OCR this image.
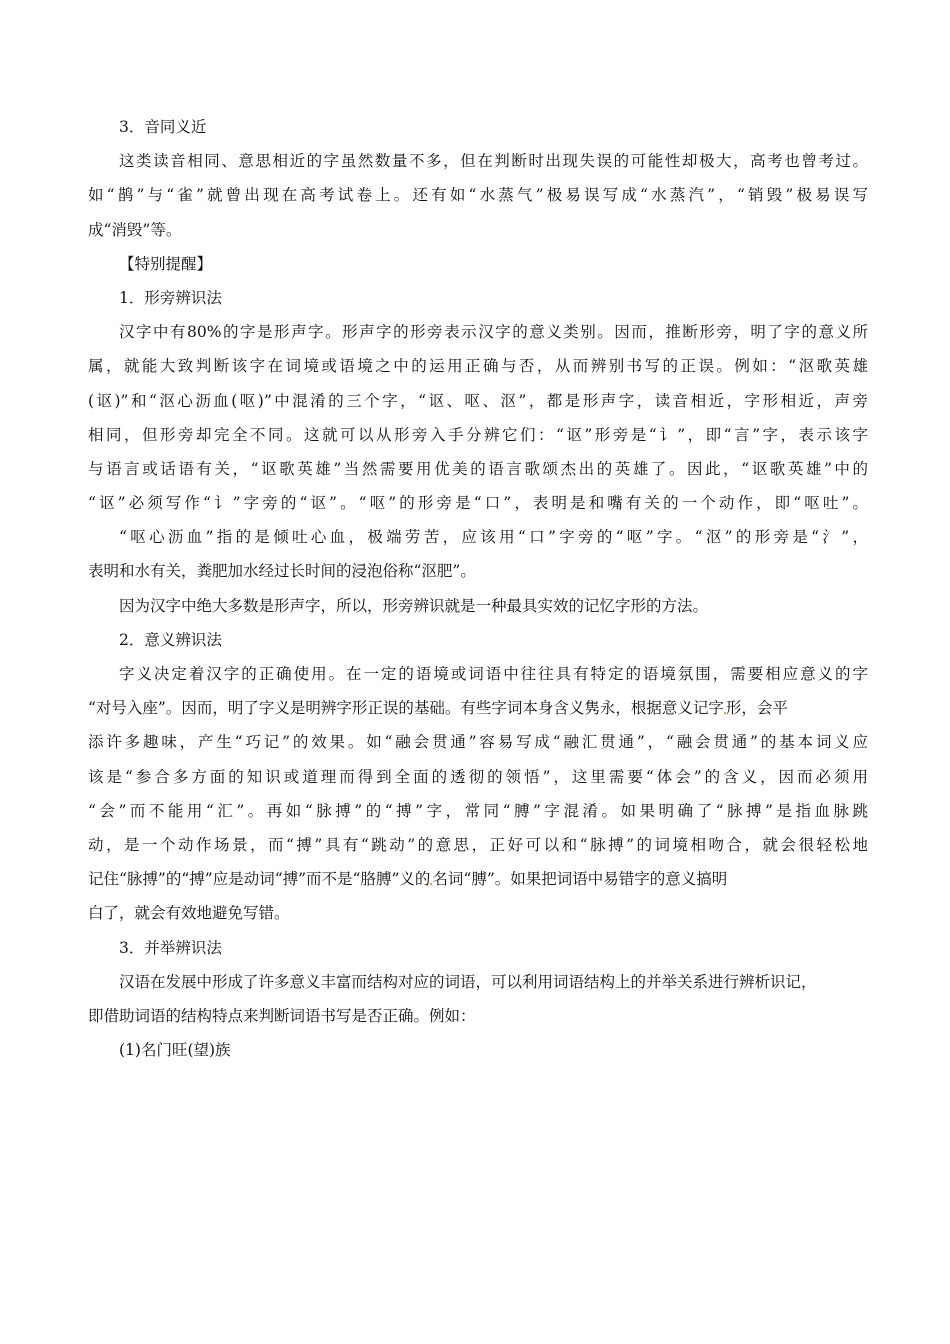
3．音同义近
这类读音相同、意思相近的字虽然数量不多，但在判断时出现失误的可能性却极大，高考也曾考过。
如“鹊”与“雀”就曾出现在高考试卷上。还有如“水蒸气”极易误写成“水蒸汽”，“销毁”极易误写
成“消毁”等。
【特别提醒】
1．形旁辨识法
汉字中有80%的字是形声字。形声字的形旁表示汉字的意义类别。因而，推断形旁，明了字的意义所
属，就能大致判断该字在词境或语境之中的运用正确与否，从而辨别书写的正误。例如：“沤歌英雄
(讴)”和“沤心沥血(呕)”中混淆的三个字，“讴、呕、沤”，都是形声字，读音相近，字形相近，声旁
相同，但形旁却完全不同。这就可以从形旁入手分辨它们：“讴”形旁是“讠”，即“言”字，表示该字
与语言或话语有关，“讴歌英雄”当然需要用优美的语言歌颂杰出的英雄了。因此，“讴歌英雄”中的
“讴”必须写作“讠”字旁的“讴”。“呕”的形旁是“口”，表明是和嘴有关的一个动作，即“呕吐”。
“呕心沥血”指的是倾吐心血，极端劳苦，应该用“口”字旁的“呕”字。“沤”的形旁是“氵”，
表明和水有关，粪肥加水经过长时间的浸泡俗称“沤肥”。
因为汉字中绝大多数是形声字，所以，形旁辨识就是一种最具实效的记忆字形的方法。
2．意义辨识法
字义决定着汉字的正确使用。在一定的语境或词语中往往具有特定的语境氛围，需要相应意义的字
“对号入座”。因而，明了字义是明辨字形正误的基础。有些字词本身含义隽永，根据意义记字 形，会平
添许多趣味，产生“巧记”的效果。如“融会贯通”容易写成“融汇贯通”，“融会贯通”的基本词义应
该是“参合多方面的知识或道理而得到全面的透彻的领悟”，这里需要“体会”的含义，因而必须用
“会”而不能用“汇”。再如“脉搏”的“搏”字，常同“膊”字混淆。如果明确了“脉搏”是指血脉跳
动，是一个动作场景，而“搏”具有“跳动”的意思，正好可以和“脉搏”的词境相吻合，就会很轻松地
记住“脉搏”的“搏”应是动词“搏”而不是“胳膊”义的 名词“膊”。如果把词语中易错字的意义搞明
白了，就会有效地避免写错。
3．并举辨识法
汉语在发展中形成了许多意义丰富而结构对应的词语，可以利用词语结构上的并举关系进行辨析识记，
即借助词语的结构特点来判断词语书写是否正确。例如：
(1)名门旺(望)族
